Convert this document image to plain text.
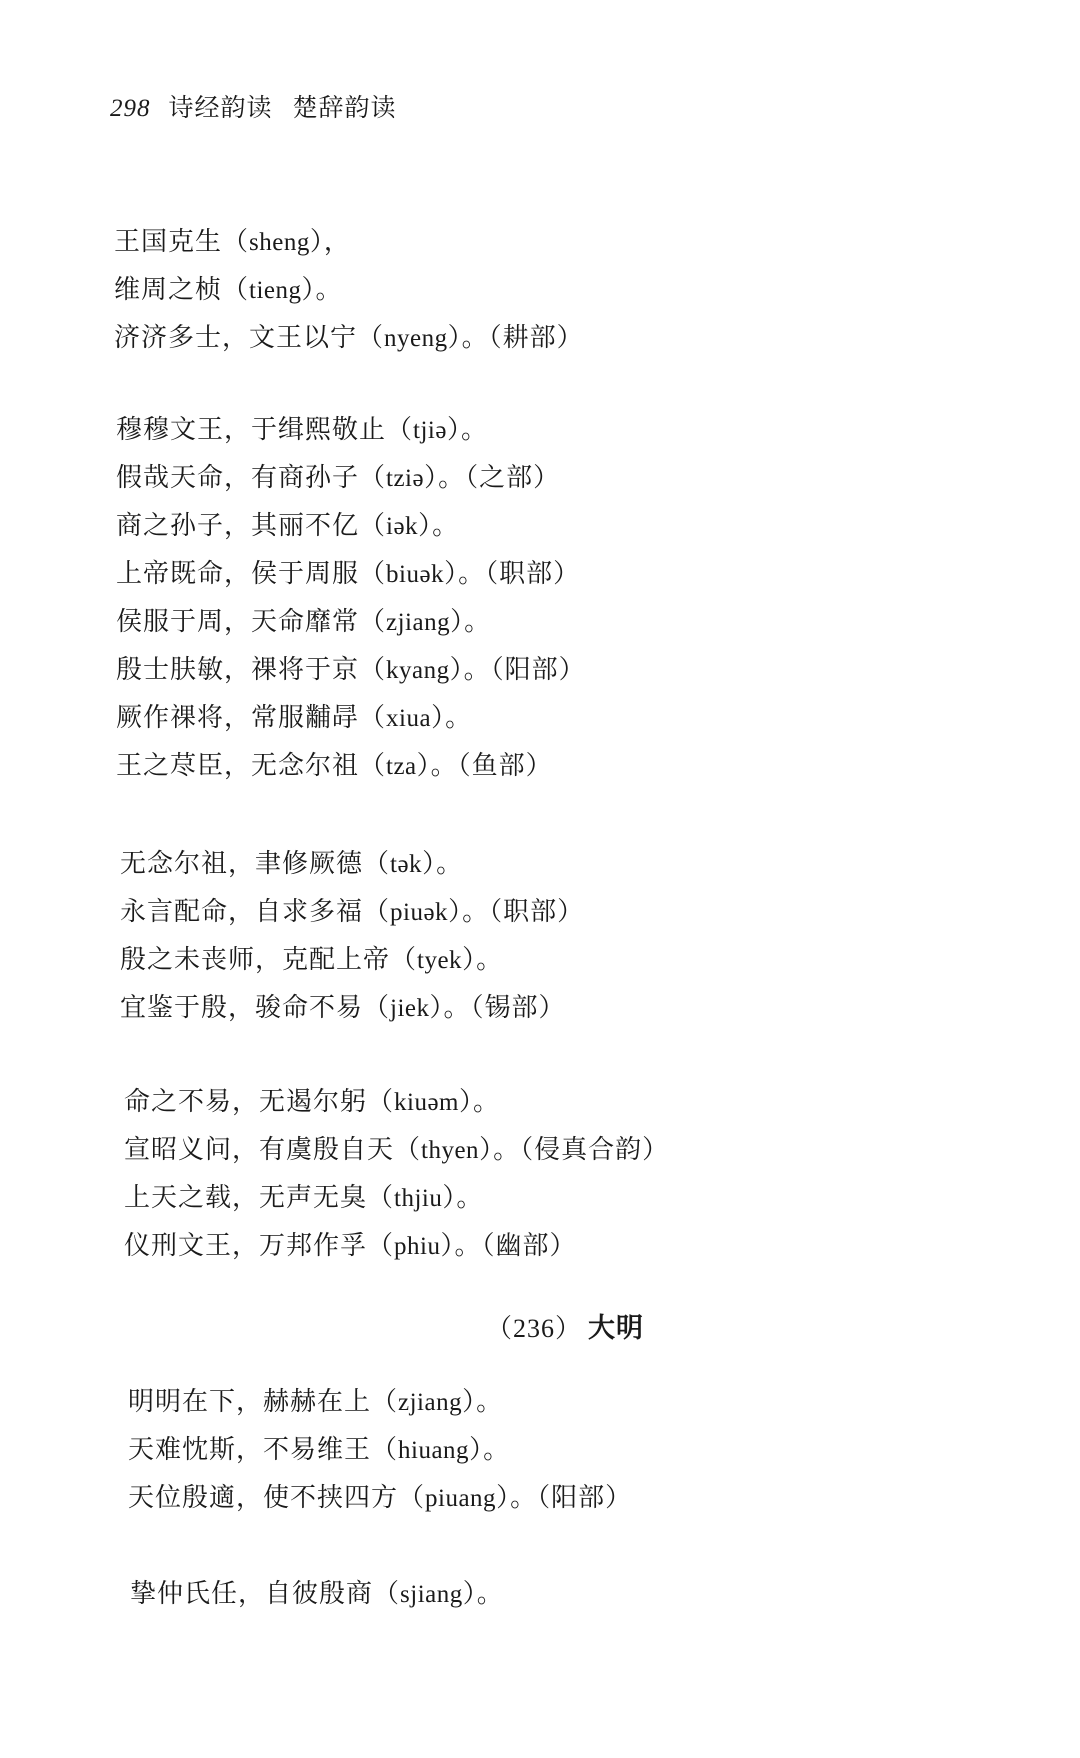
298 诗经韵读 楚辞韵读
王国克生（sheng），
维周之桢（tieng）。
济济多士，文王以宁（nyeng）。（耕部）
穆穆文王，于缉熙敬止（tjiə）。
假哉天命，有商孙子（tziə）。（之部）
商之孙子，其丽不亿（iək）。
上帝既命，侯于周服（biuək）。（职部）
侯服于周，天命靡常（zjiang）。
殷士肤敏，祼将于京（kyang）。（阳部）
厥作祼将，常服黼冔（xiua）。
王之荩臣，无念尔祖（tza）。（鱼部）
无念尔祖，聿修厥德（tək）。
永言配命，自求多福（piuək）。（职部）
殷之未丧师，克配上帝（tyek）。
宜鉴于殷，骏命不易（jiek）。（锡部）
命之不易，无遏尔躬（kiuəm）。
宣昭义问，有虞殷自天（thyen）。（侵真合韵）
上天之载，无声无臭（thjiu）。
仪刑文王，万邦作孚（phiu）。（幽部）
（236） 大明
明明在下，赫赫在上（zjiang）。
天难忱斯，不易维王（hiuang）。
天位殷適，使不挟四方（piuang）。（阳部）
挚仲氏任，自彼殷商（sjiang）。
